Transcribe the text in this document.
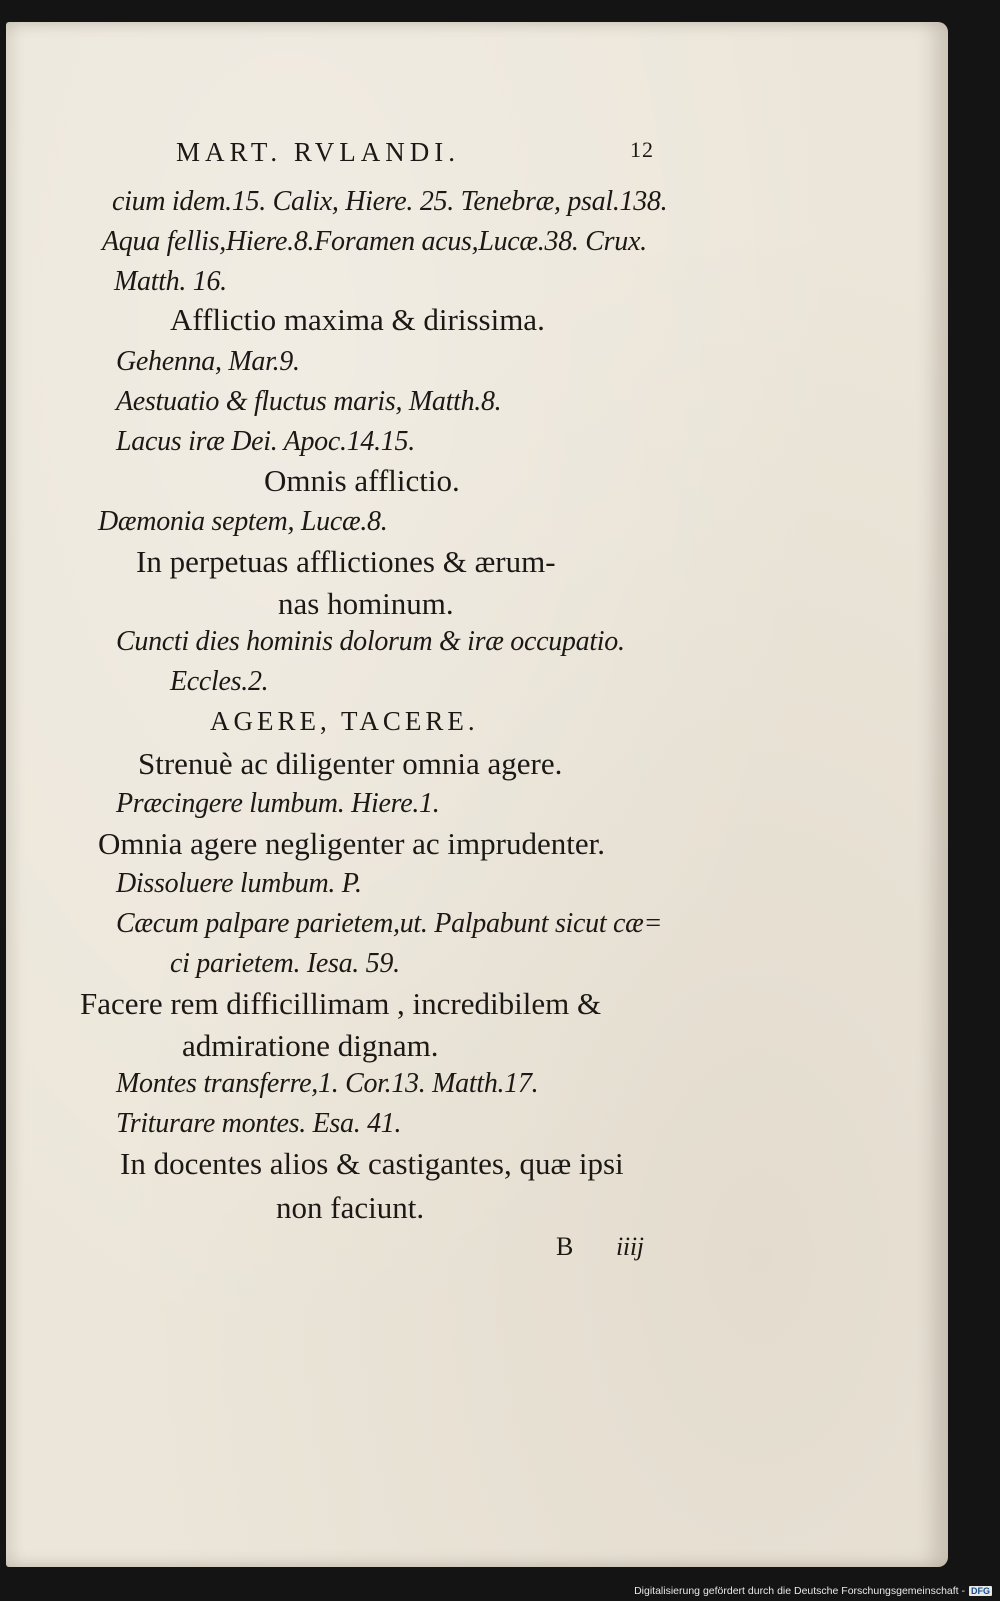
MART. RVLANDI.	12
cium idem.15. Calix, Hiere. 25. Tenebræ, psal.138.
Aqua fellis,Hiere.8.Foramen acus,Lucæ.38. Crux.
Matth. 16.
Afflictio maxima & dirissima.
Gehenna, Mar.9.
Aestuatio & fluctus maris, Matth.8.
Lacus iræ Dei. Apoc.14.15.
Omnis afflictio.
Dæmonia septem, Lucæ.8.
In perpetuas afflictiones & ærum-
nas hominum.
Cuncti dies hominis dolorum & iræ occupatio.
Eccles.2.
AGERE, TACERE.
Strenuè ac diligenter omnia agere.
Præcingere lumbum. Hiere.1.
Omnia agere negligenter ac imprudenter.
Dissoluere lumbum. P.
Cæcum palpare parietem,ut. Palpabunt sicut cæ=
ci parietem. Iesa. 59.
Facere rem difficillimam , incredibilem &
admiratione dignam.
Montes transferre,1. Cor.13. Matth.17.
Triturare montes. Esa. 41.
In docentes alios & castigantes, quæ ipsi
non faciunt.
B iiij
Digitalisierung gefördert durch die Deutsche Forschungsgemeinschaft - DFG
